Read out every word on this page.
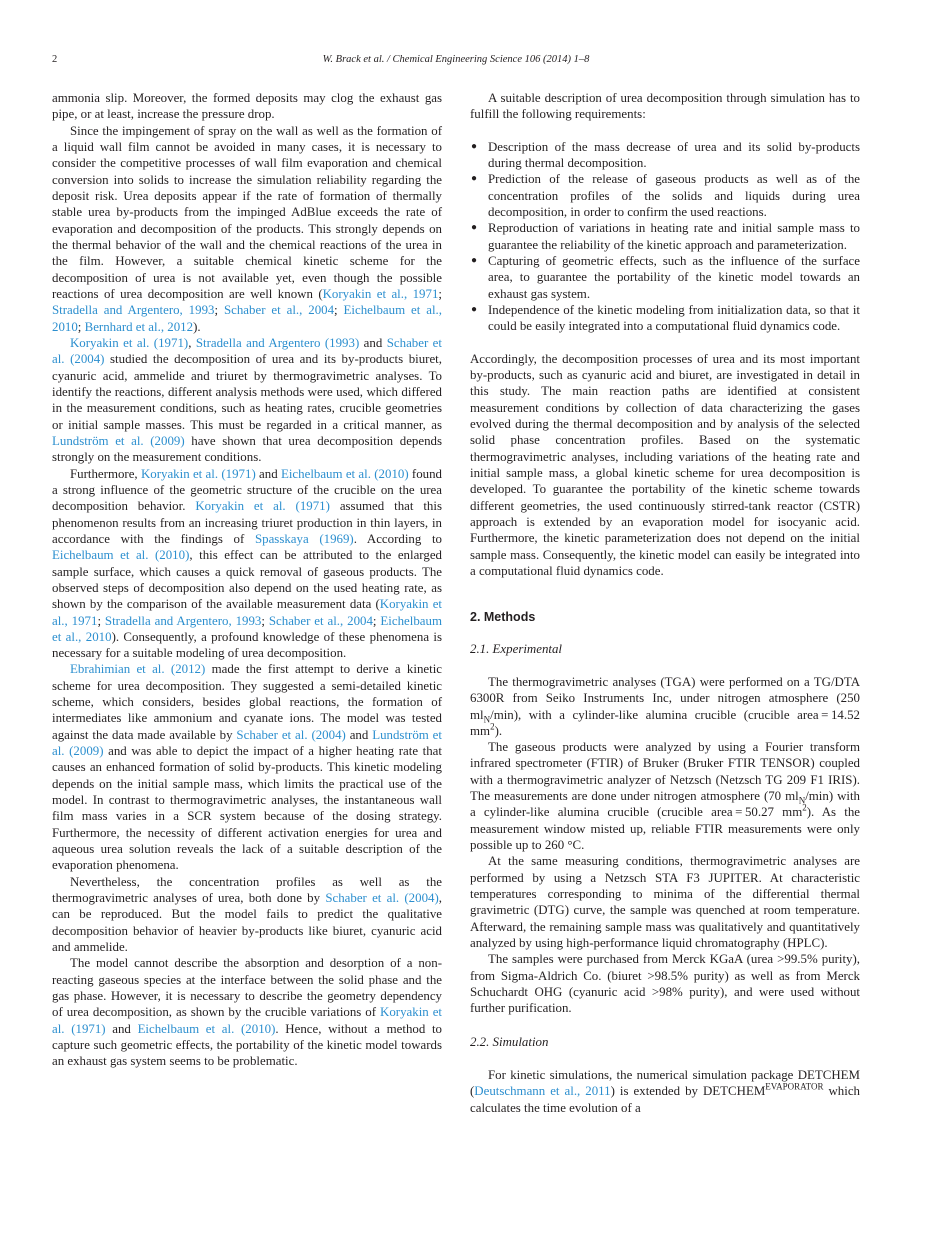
2	W. Brack et al. / Chemical Engineering Science 106 (2014) 1–8

ammonia slip. Moreover, the formed deposits may clog the exhaust gas pipe, or at least, increase the pressure drop.

Since the impingement of spray on the wall as well as the formation of a liquid wall film cannot be avoided in many cases, it is necessary to consider the competitive processes of wall film evaporation and chemical conversion into solids to increase the simulation reliability regarding the deposit risk. Urea deposits appear if the rate of formation of thermally stable urea by-products from the impinged AdBlue exceeds the rate of evaporation and decomposition of the products. This strongly depends on the thermal behavior of the wall and the chemical reactions of the urea in the film. However, a suitable chemical kinetic scheme for the decomposition of urea is not available yet, even though the possible reactions of urea decomposition are well known (Koryakin et al., 1971; Stradella and Argentero, 1993; Schaber et al., 2004; Eichelbaum et al., 2010; Bernhard et al., 2012).

Koryakin et al. (1971), Stradella and Argentero (1993) and Schaber et al. (2004) studied the decomposition of urea and its by-products biuret, cyanuric acid, ammelide and triuret by thermogravimetric analyses. To identify the reactions, different analysis methods were used, which differed in the measurement conditions, such as heating rates, crucible geometries or initial sample masses. This must be regarded in a critical manner, as Lundström et al. (2009) have shown that urea decomposition depends strongly on the measurement conditions.

Furthermore, Koryakin et al. (1971) and Eichelbaum et al. (2010) found a strong influence of the geometric structure of the crucible on the urea decomposition behavior. Koryakin et al. (1971) assumed that this phenomenon results from an increasing triuret production in thin layers, in accordance with the findings of Spasskaya (1969). According to Eichelbaum et al. (2010), this effect can be attributed to the enlarged sample surface, which causes a quick removal of gaseous products. The observed steps of decomposition also depend on the used heating rate, as shown by the comparison of the available measurement data (Koryakin et al., 1971; Stradella and Argentero, 1993; Schaber et al., 2004; Eichelbaum et al., 2010). Consequently, a profound knowledge of these phenomena is necessary for a suitable modeling of urea decomposition.

Ebrahimian et al. (2012) made the first attempt to derive a kinetic scheme for urea decomposition. They suggested a semi-detailed kinetic scheme, which considers, besides global reactions, the formation of intermediates like ammonium and cyanate ions. The model was tested against the data made available by Schaber et al. (2004) and Lundström et al. (2009) and was able to depict the impact of a higher heating rate that causes an enhanced formation of solid by-products. This kinetic modeling depends on the initial sample mass, which limits the practical use of the model. In contrast to thermogravimetric analyses, the instantaneous wall film mass varies in a SCR system because of the dosing strategy. Furthermore, the necessity of different activation energies for urea and aqueous urea solution reveals the lack of a suitable description of the evaporation phenomena.

Nevertheless, the concentration profiles as well as the thermogravimetric analyses of urea, both done by Schaber et al. (2004), can be reproduced. But the model fails to predict the qualitative decomposition behavior of heavier by-products like biuret, cyanuric acid and ammelide.

The model cannot describe the absorption and desorption of a non-reacting gaseous species at the interface between the solid phase and the gas phase. However, it is necessary to describe the geometry dependency of urea decomposition, as shown by the crucible variations of Koryakin et al. (1971) and Eichelbaum et al. (2010). Hence, without a method to capture such geometric effects, the portability of the kinetic model towards an exhaust gas system seems to be problematic.

A suitable description of urea decomposition through simulation has to fulfill the following requirements:

● Description of the mass decrease of urea and its solid by-products during thermal decomposition.
● Prediction of the release of gaseous products as well as of the concentration profiles of the solids and liquids during urea decomposition, in order to confirm the used reactions.
● Reproduction of variations in heating rate and initial sample mass to guarantee the reliability of the kinetic approach and parameterization.
● Capturing of geometric effects, such as the influence of the surface area, to guarantee the portability of the kinetic model towards an exhaust gas system.
● Independence of the kinetic modeling from initialization data, so that it could be easily integrated into a computational fluid dynamics code.

Accordingly, the decomposition processes of urea and its most important by-products, such as cyanuric acid and biuret, are investigated in detail in this study. The main reaction paths are identified at consistent measurement conditions by collection of data characterizing the gases evolved during the thermal decomposition and by analysis of the selected solid phase concentration profiles. Based on the systematic thermogravimetric analyses, including variations of the heating rate and initial sample mass, a global kinetic scheme for urea decomposition is developed. To guarantee the portability of the kinetic scheme towards different geometries, the used continuously stirred-tank reactor (CSTR) approach is extended by an evaporation model for isocyanic acid. Furthermore, the kinetic parameterization does not depend on the initial sample mass. Consequently, the kinetic model can easily be integrated into a computational fluid dynamics code.

2. Methods
2.1. Experimental

The thermogravimetric analyses (TGA) were performed on a TG/DTA 6300R from Seiko Instruments Inc, under nitrogen atmosphere (250 $ml_N/\min$), with a cylinder-like alumina crucible (crucible area = 14.52 $mm^2$).

The gaseous products were analyzed by using a Fourier transform infrared spectrometer (FTIR) of Bruker (Bruker FTIR TENSOR) coupled with a thermogravimetric analyzer of Netzsch (Netzsch TG 209 F1 IRIS). The measurements are done under nitrogen atmosphere (70 $ml_N/\min$) with a cylinder-like alumina crucible (crucible area = 50.27 $mm^2$). As the measurement window misted up, reliable FTIR measurements were only possible up to 260 °C.

At the same measuring conditions, thermogravimetric analyses are performed by using a Netzsch STA F3 JUPITER. At characteristic temperatures corresponding to minima of the differential thermal gravimetric (DTG) curve, the sample was quenched at room temperature. Afterward, the remaining sample mass was qualitatively and quantitatively analyzed by using high-performance liquid chromatography (HPLC).

The samples were purchased from Merck KGaA (urea >99.5% purity), from Sigma-Aldrich Co. (biuret >98.5% purity) as well as from Merck Schuchardt OHG (cyanuric acid >98% purity), and were used without further purification.

2.2. Simulation

For kinetic simulations, the numerical simulation package DETCHEM (Deutschmann et al., 2011) is extended by $DETCHEM^{EVAPORATOR}$ which calculates the time evolution of a
